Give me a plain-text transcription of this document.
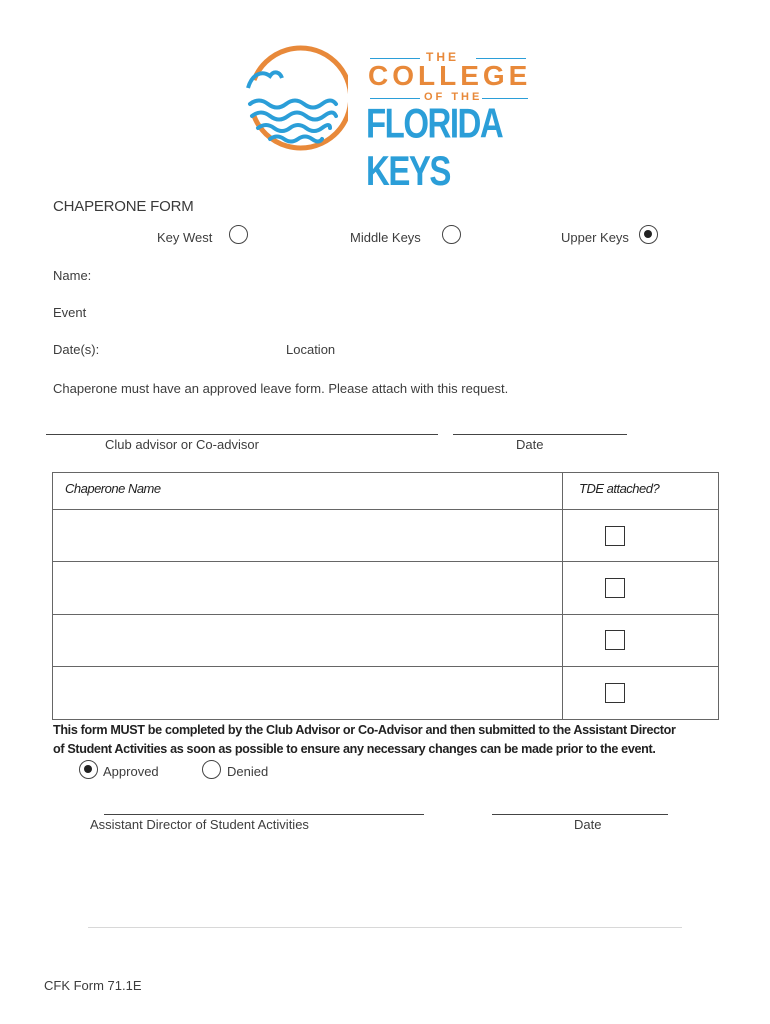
THE
COLLEGE
OF THE
FLORIDA KEYS
CHAPERONE FORM
Key West	Middle Keys	Upper Keys
Name:
Event
Date(s):	Location
Chaperone must have an approved leave form. Please attach with this request.
Club advisor or Co-advisor	Date
Chaperone Name	TDE attached?

This form MUST be completed by the Club Advisor or Co-Advisor and then submitted to the Assistant Director
of Student Activities as soon as possible to ensure any necessary changes can be made prior to the event.
Approved	Denied
Assistant Director of Student Activities	Date
CFK Form 71.1E
